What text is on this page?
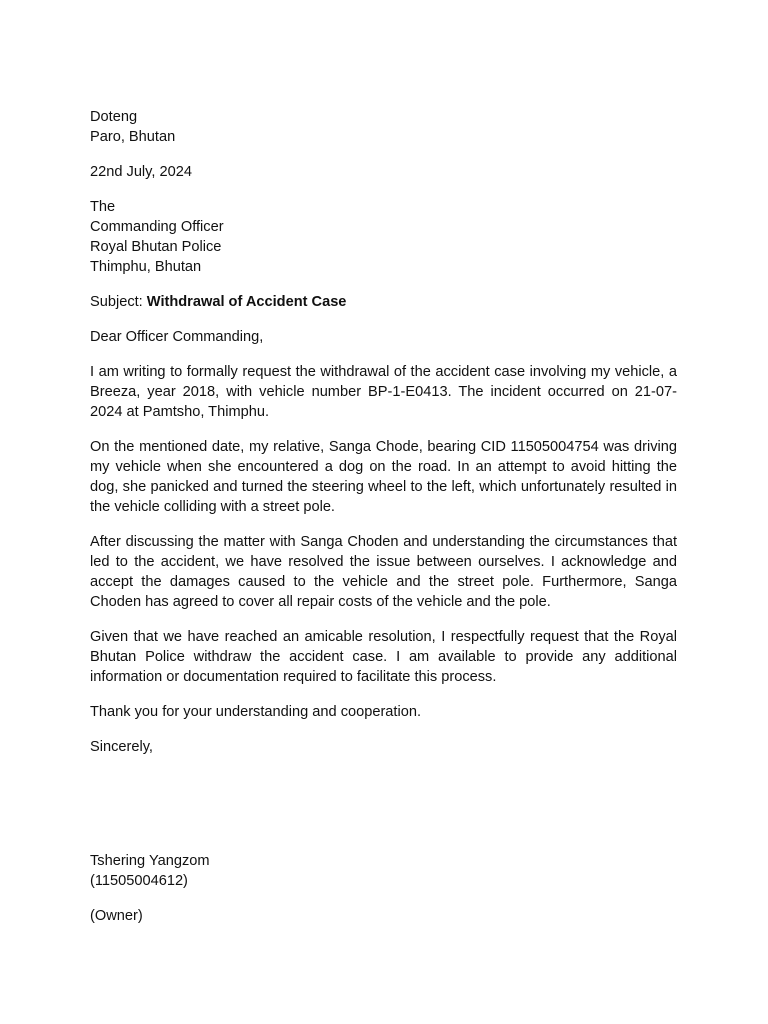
Doteng
Paro, Bhutan
22nd July, 2024
The
Commanding Officer
Royal Bhutan Police
Thimphu, Bhutan
Subject: Withdrawal of Accident Case
Dear Officer Commanding,

I am writing to formally request the withdrawal of the accident case involving my vehicle, a Breeza, year 2018, with vehicle number BP-1-E0413. The incident occurred on 21-07-2024 at Pamtsho, Thimphu.

On the mentioned date, my relative, Sanga Chode, bearing CID 11505004754 was driving my vehicle when she encountered a dog on the road. In an attempt to avoid hitting the dog, she panicked and turned the steering wheel to the left, which unfortunately resulted in the vehicle colliding with a street pole.

After discussing the matter with Sanga Choden and understanding the circumstances that led to the accident, we have resolved the issue between ourselves. I acknowledge and accept the damages caused to the vehicle and the street pole. Furthermore, Sanga Choden has agreed to cover all repair costs of the vehicle and the pole.

Given that we have reached an amicable resolution, I respectfully request that the Royal Bhutan Police withdraw the accident case. I am available to provide any additional information or documentation required to facilitate this process.

Thank you for your understanding and cooperation.

Sincerely,
Tshering Yangzom
(11505004612)
(Owner)
